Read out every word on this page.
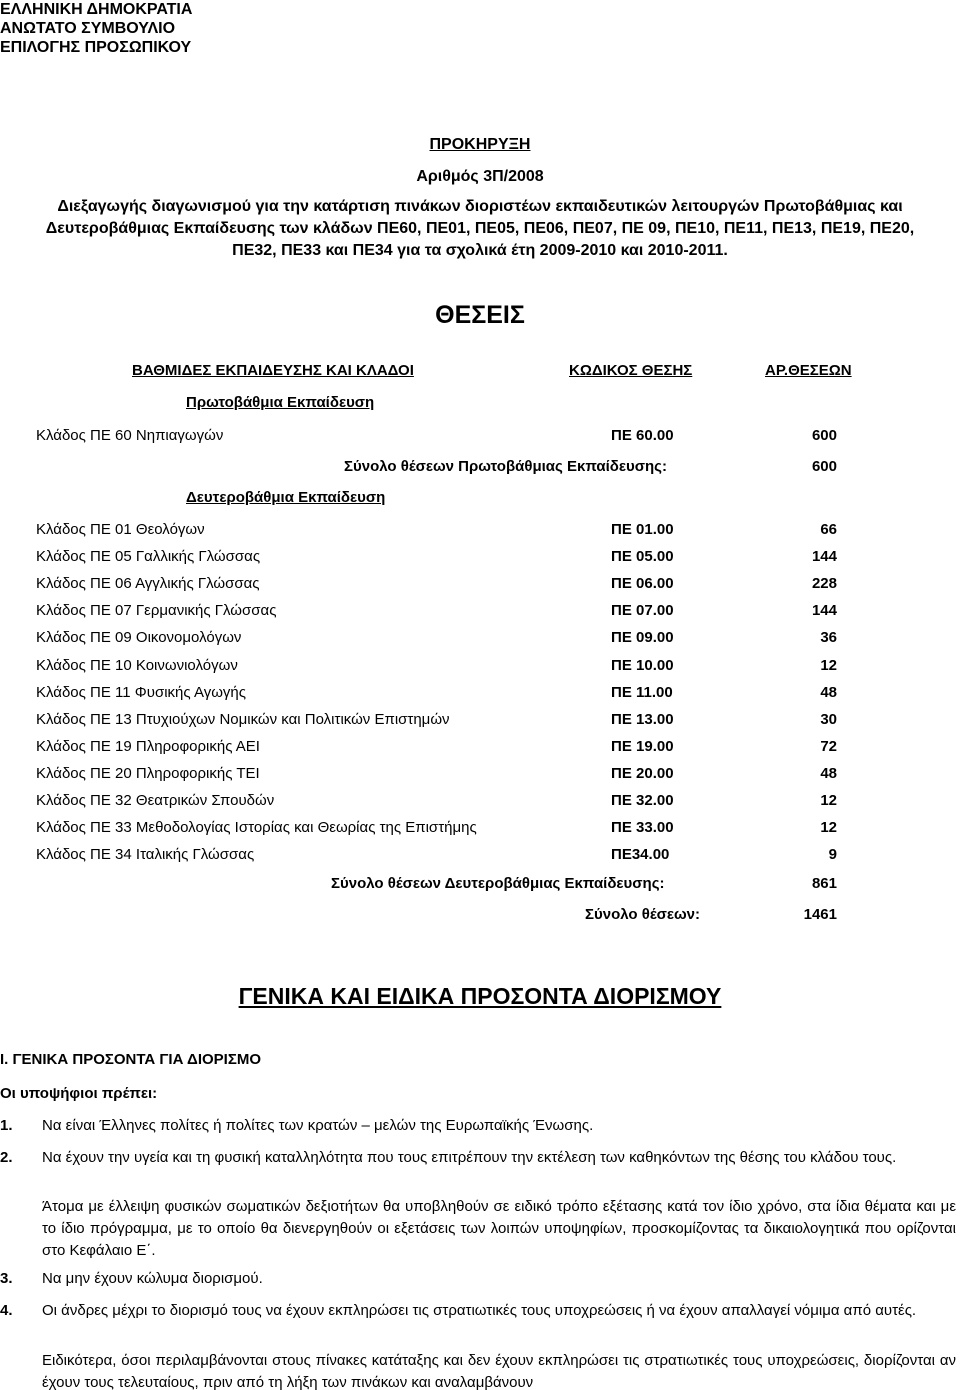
ΕΛΛΗΝΙΚΗ ΔΗΜΟΚΡΑΤΙΑ
ΑΝΩΤΑΤΟ ΣΥΜΒΟΥΛΙΟ
ΕΠΙΛΟΓΗΣ ΠΡΟΣΩΠΙΚΟΥ
ΠΡΟΚΗΡΥΞΗ
Αριθμός 3Π/2008
Διεξαγωγής διαγωνισμού για την κατάρτιση πινάκων διοριστέων εκπαιδευτικών λειτουργών Πρωτοβάθμιας και
Δευτεροβάθμιας Εκπαίδευσης των κλάδων ΠΕ60, ΠΕ01, ΠΕ05, ΠΕ06, ΠΕ07, ΠΕ 09, ΠΕ10, ΠΕ11, ΠΕ13, ΠΕ19, ΠΕ20,
ΠΕ32, ΠΕ33 και ΠΕ34 για τα σχολικά έτη 2009-2010 και 2010-2011.
ΘΕΣΕΙΣ
ΒΑΘΜΙΔΕΣ ΕΚΠΑΙΔΕΥΣΗΣ ΚΑΙ ΚΛΑΔΟΙ	ΚΩΔΙΚΟΣ ΘΕΣΗΣ	ΑΡ.ΘΕΣΕΩΝ
Πρωτοβάθμια Εκπαίδευση
Κλάδος ΠΕ 60 Νηπιαγωγών	ΠΕ 60.00	600
Σύνολο θέσεων Πρωτοβάθμιας Εκπαίδευσης:	600
Δευτεροβάθμια Εκπαίδευση
Κλάδος ΠΕ 01 Θεολόγων	ΠΕ 01.00	66
Κλάδος ΠΕ 05 Γαλλικής Γλώσσας	ΠΕ 05.00	144
Κλάδος ΠΕ 06 Αγγλικής Γλώσσας	ΠΕ 06.00	228
Κλάδος ΠΕ 07 Γερμανικής Γλώσσας	ΠΕ 07.00	144
Κλάδος ΠΕ 09 Οικονομολόγων	ΠΕ 09.00	36
Κλάδος ΠΕ 10 Κοινωνιολόγων	ΠΕ 10.00	12
Κλάδος ΠΕ 11 Φυσικής Αγωγής	ΠΕ 11.00	48
Κλάδος ΠΕ 13 Πτυχιούχων Νομικών και Πολιτικών Επιστημών	ΠΕ 13.00	30
Κλάδος ΠΕ 19 Πληροφορικής ΑΕΙ	ΠΕ 19.00	72
Κλάδος ΠΕ 20 Πληροφορικής ΤΕΙ	ΠΕ 20.00	48
Κλάδος ΠΕ 32 Θεατρικών Σπουδών	ΠΕ 32.00	12
Κλάδος ΠΕ 33 Μεθοδολογίας Ιστορίας και Θεωρίας της Επιστήμης	ΠΕ 33.00	12
Κλάδος ΠΕ 34 Ιταλικής Γλώσσας	ΠΕ34.00	9
Σύνολο θέσεων Δευτεροβάθμιας Εκπαίδευσης:	861
Σύνολο θέσεων:	1461
ΓΕΝΙΚΑ ΚΑΙ ΕΙΔΙΚΑ ΠΡΟΣΟΝΤΑ ΔΙΟΡΙΣΜΟΥ
Ι. ΓΕΝΙΚΑ ΠΡΟΣΟΝΤΑ ΓΙΑ ΔΙΟΡΙΣΜΟ
Οι υποψήφιοι πρέπει:
1. Να είναι Έλληνες πολίτες ή πολίτες των κρατών – μελών της Ευρωπαϊκής Ένωσης.
2. Να έχουν την υγεία και τη φυσική καταλληλότητα που τους επιτρέπουν την εκτέλεση των καθηκόντων της θέσης του κλάδου τους.
Άτομα με έλλειψη φυσικών σωματικών δεξιοτήτων θα υποβληθούν σε ειδικό τρόπο εξέτασης κατά τον ίδιο χρόνο, στα ίδια θέματα και με το ίδιο πρόγραμμα, με το οποίο θα διενεργηθούν οι εξετάσεις των λοιπών υποψηφίων, προσκομίζοντας τα δικαιολογητικά που ορίζονται στο Κεφάλαιο Ε΄.
3. Να μην έχουν κώλυμα διορισμού.
4. Οι άνδρες μέχρι το διορισμό τους να έχουν εκπληρώσει τις στρατιωτικές τους υποχρεώσεις ή να έχουν απαλλαγεί νόμιμα από αυτές.
Ειδικότερα, όσοι περιλαμβάνονται στους πίνακες κατάταξης και δεν έχουν εκπληρώσει τις στρατιωτικές τους υποχρεώσεις, διορίζονται αν έχουν τους τελευταίους, πριν από τη λήξη των πινάκων και αναλαμβάνουν
